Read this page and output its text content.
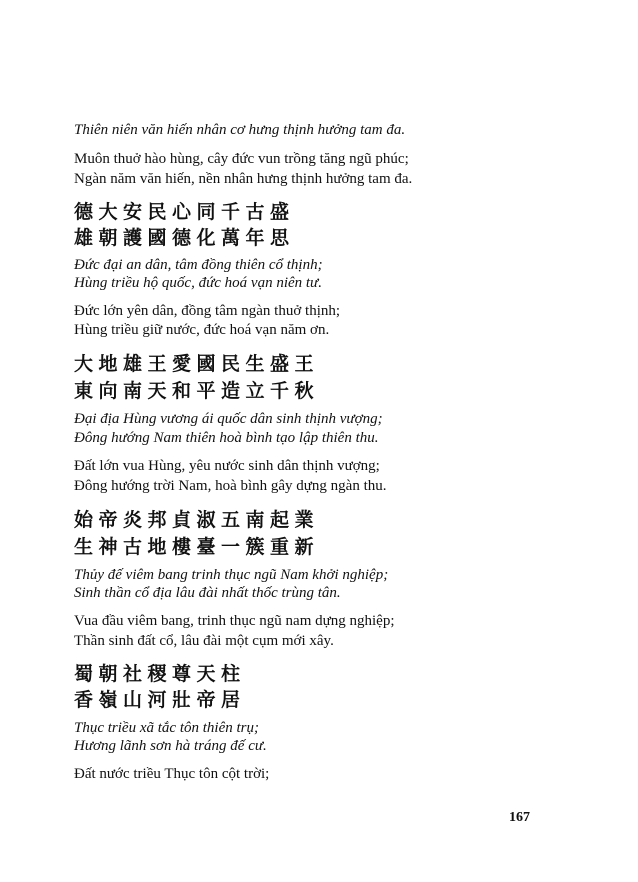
Thiên niên văn hiến nhân cơ hưng thịnh hưởng tam đa.
Muôn thuở hào hùng, cây đức vun trồng tăng ngũ phúc;
Ngàn năm văn hiến, nền nhân hưng thịnh hưởng tam đa.
德大安民心同千古盛
雄朝護國德化萬年思
Đức đại an dân, tâm đồng thiên cổ thịnh;
Hùng triều hộ quốc, đức hoá vạn niên tư.
Đức lớn yên dân, đồng tâm ngàn thuở thịnh;
Hùng triều giữ nước, đức hoá vạn năm ơn.
大地雄王愛國民生盛王
東向南天和平造立千秋
Đại địa Hùng vương ái quốc dân sinh thịnh vượng;
Đông hướng Nam thiên hoà bình tạo lập thiên thu.
Đất lớn vua Hùng, yêu nước sinh dân thịnh vượng;
Đông hướng trời Nam, hoà bình gây dựng ngàn thu.
始帝炎邦貞淑五南起業
生神古地樓臺一簇重新
Thủy đế viêm bang trinh thục ngũ Nam khởi nghiệp;
Sinh thần cổ địa lâu đài nhất thốc trùng tân.
Vua đầu viêm bang, trinh thục ngũ nam dựng nghiệp;
Thần sinh đất cổ, lâu đài một cụm mới xây.
蜀朝社稷尊天柱
香嶺山河壯帝居
Thục triều xã tắc tôn thiên trụ;
Hương lãnh sơn hà tráng đế cư.
Đất nước triều Thục tôn cột trời;
167
